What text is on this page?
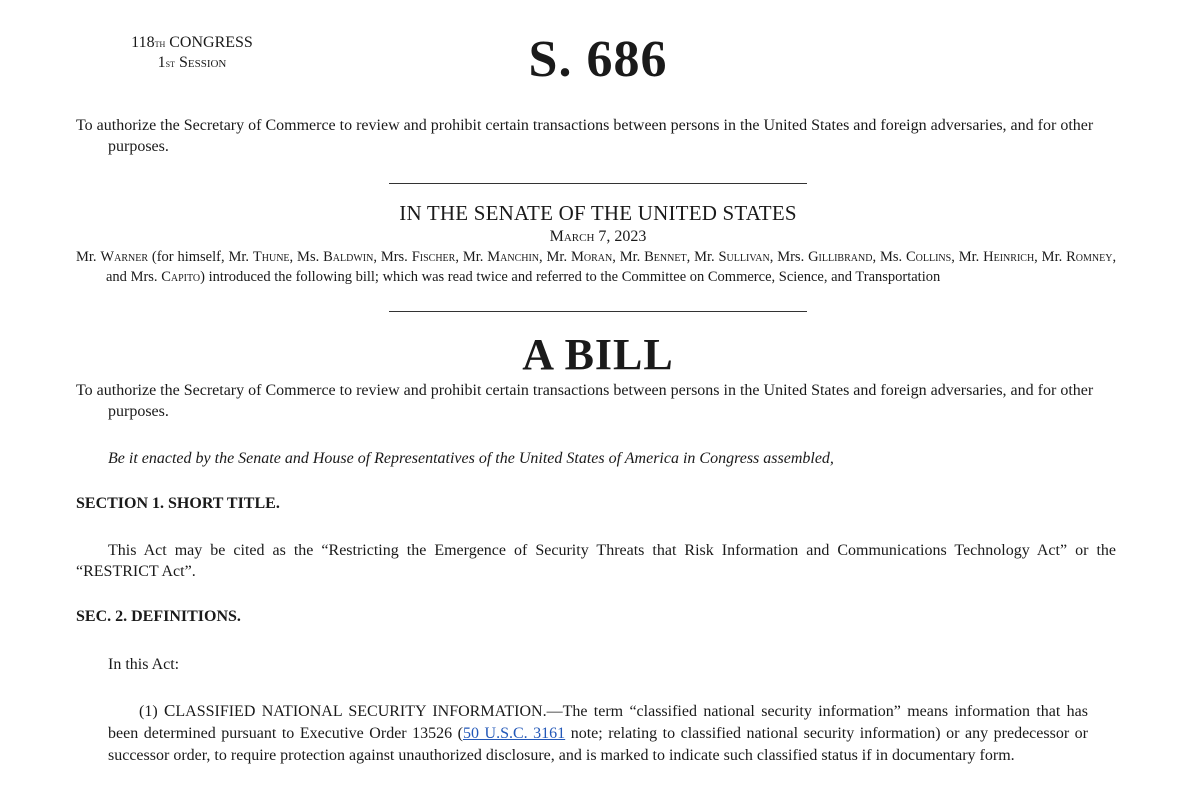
118th CONGRESS
1st Session	S. 686
To authorize the Secretary of Commerce to review and prohibit certain transactions between persons in the United States and foreign adversaries, and for other purposes.
IN THE SENATE OF THE UNITED STATES
March 7, 2023
Mr. Warner (for himself, Mr. Thune, Ms. Baldwin, Mrs. Fischer, Mr. Manchin, Mr. Moran, Mr. Bennet, Mr. Sullivan, Mrs. Gillibrand, Ms. Collins, Mr. Heinrich, Mr. Romney, and Mrs. Capito) introduced the following bill; which was read twice and referred to the Committee on Commerce, Science, and Transportation
A BILL
To authorize the Secretary of Commerce to review and prohibit certain transactions between persons in the United States and foreign adversaries, and for other purposes.
Be it enacted by the Senate and House of Representatives of the United States of America in Congress assembled,
SECTION 1. SHORT TITLE.
This Act may be cited as the “Restricting the Emergence of Security Threats that Risk Information and Communications Technology Act” or the “RESTRICT Act”.
SEC. 2. DEFINITIONS.
In this Act:
(1) CLASSIFIED NATIONAL SECURITY INFORMATION.—The term “classified national security information” means information that has been determined pursuant to Executive Order 13526 (50 U.S.C. 3161 note; relating to classified national security information) or any predecessor or successor order, to require protection against unauthorized disclosure, and is marked to indicate such classified status if in documentary form.
